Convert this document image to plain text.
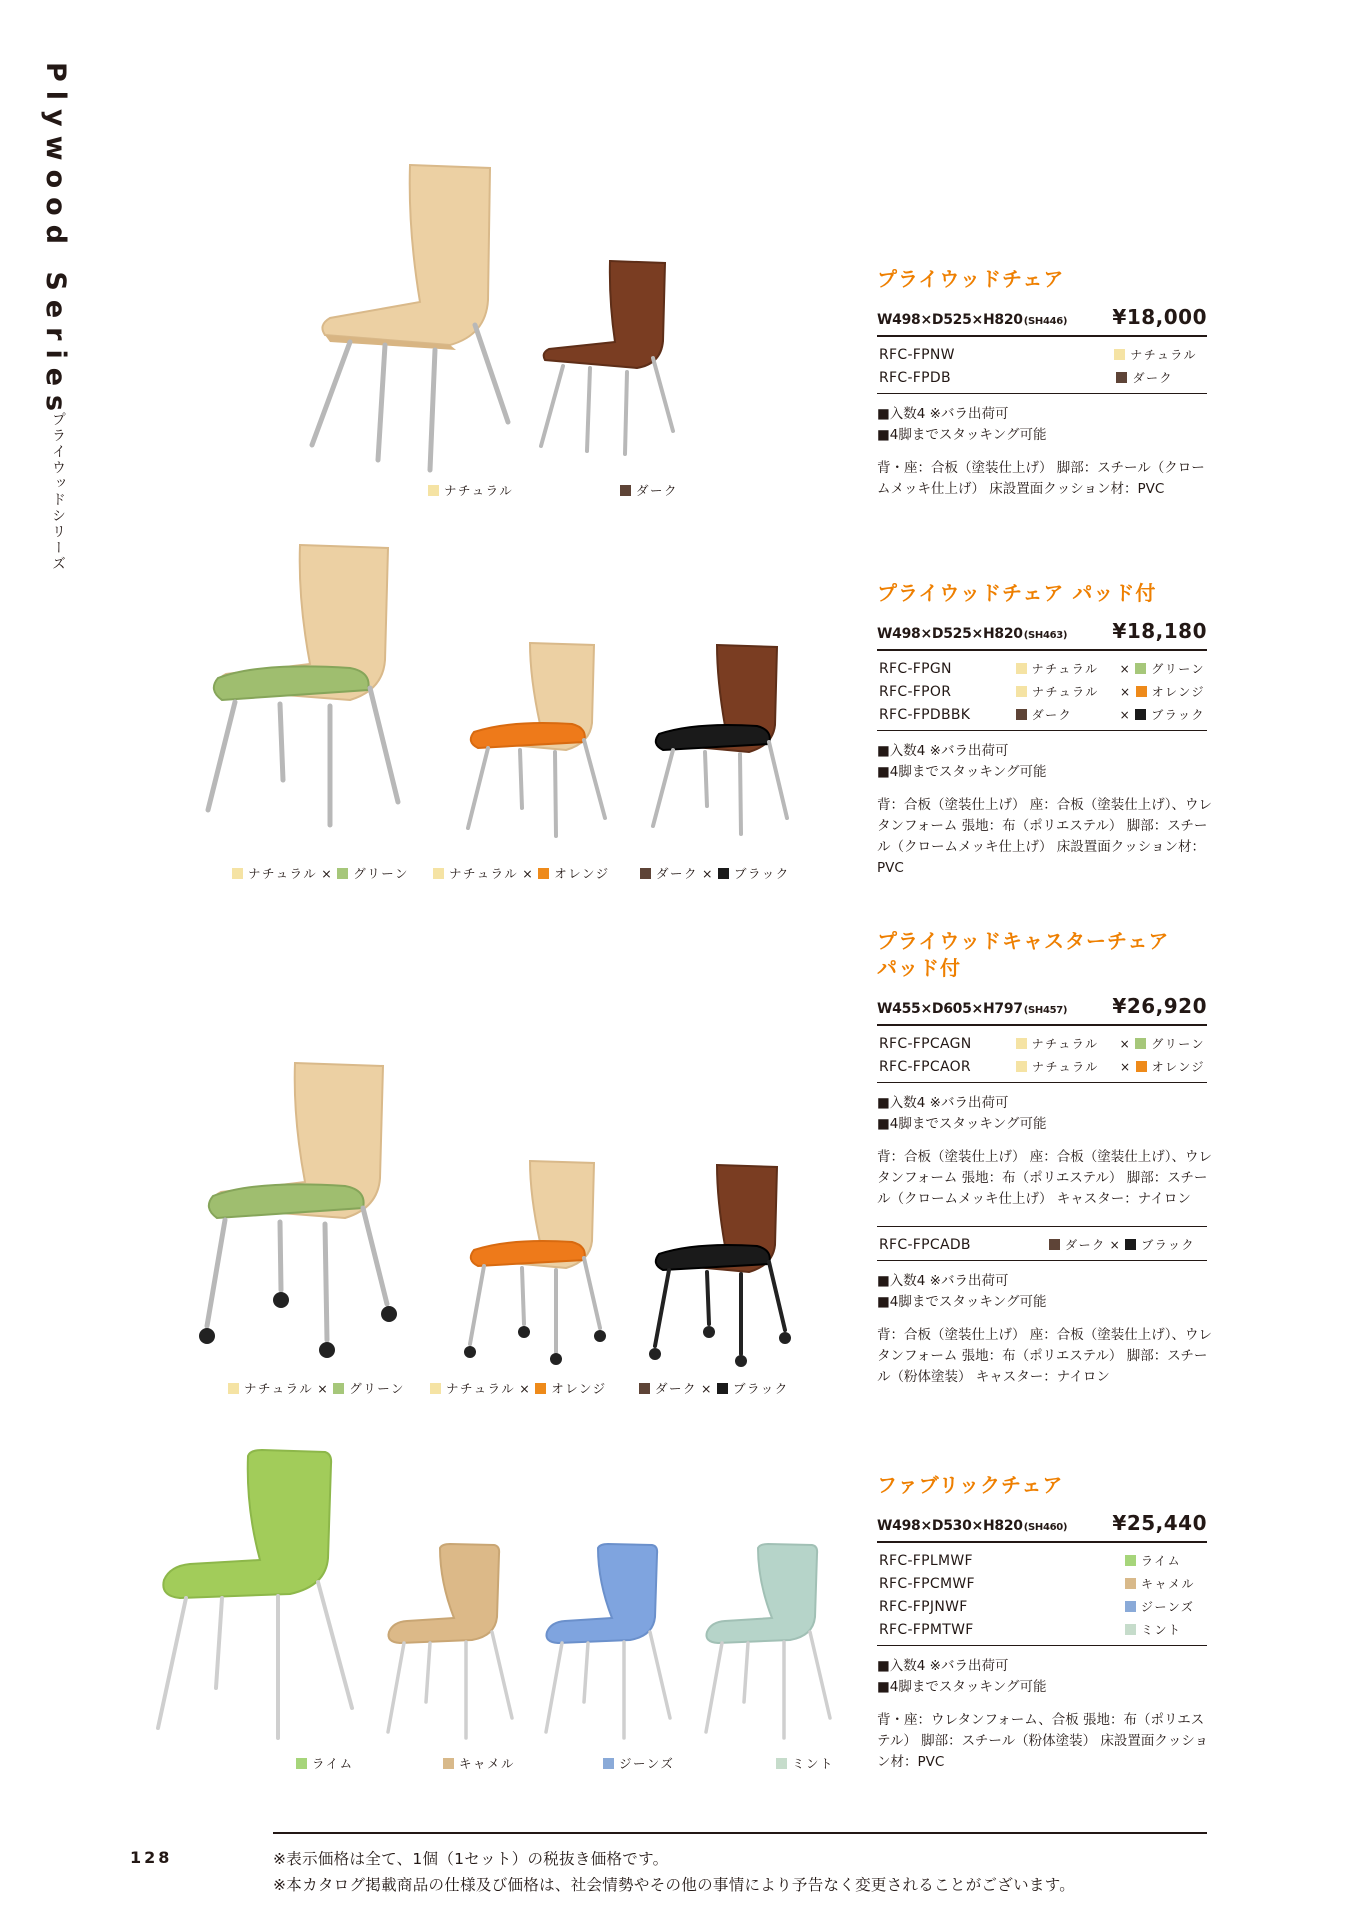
Plywood Series
プライウッドシリーズ	ナチュラル	ダーク
プライウッドチェア
W498×D525×H820(SH446) ¥18,000
RFC-FPNW	ナチュラル
RFC-FPDB	ダーク
■入数4 ※バラ出荷可
■4脚までスタッキング可能
背・座：合板（塗装仕上げ） 脚部：スチール（クロームメッキ仕上げ） 床設置面クッション材：PVC
ナチュラル × グリーン	ナチュラル × オレンジ	ダーク × ブラック
プライウッドチェア パッド付
W498×D525×H820(SH463) ¥18,180
RFC-FPGN	ナチュラル × グリーン
RFC-FPOR	ナチュラル × オレンジ
RFC-FPDBBK	ダーク	× ブラック
■入数4 ※バラ出荷可
■4脚までスタッキング可能
背：合板（塗装仕上げ） 座：合板（塗装仕上げ）、ウレタンフォーム 張地：布（ポリエステル） 脚部：スチール（クロームメッキ仕上げ） 床設置面クッション材：PVC
ナチュラル × グリーン	ナチュラル × オレンジ	ダーク × ブラック
プライウッドキャスターチェア
パッド付
W455×D605×H797(SH457) ¥26,920
RFC-FPCAGN	ナチュラル × グリーン
RFC-FPCAOR	ナチュラル × オレンジ
■入数4 ※バラ出荷可
■4脚までスタッキング可能
背：合板（塗装仕上げ） 座：合板（塗装仕上げ）、ウレタンフォーム 張地：布（ポリエステル） 脚部：スチール（クロームメッキ仕上げ） キャスター：ナイロン
RFC-FPCADB	ダーク × ブラック
■入数4 ※バラ出荷可
■4脚までスタッキング可能
背：合板（塗装仕上げ） 座：合板（塗装仕上げ）、ウレタンフォーム 張地：布（ポリエステル） 脚部：スチール（粉体塗装） キャスター：ナイロン
ライム	キャメル	ジーンズ	ミント
ファブリックチェア
W498×D530×H820(SH460) ¥25,440
RFC-FPLMWF	ライム
RFC-FPCMWF	キャメル
RFC-FPJNWF	ジーンズ
RFC-FPMTWF	ミント
■入数4 ※バラ出荷可
■4脚までスタッキング可能
背・座：ウレタンフォーム、合板 張地：布（ポリエステル） 脚部：スチール（粉体塗装） 床設置面クッション材：PVC
128	※表示価格は全て、1個（1セット）の税抜き価格です。
※本カタログ掲載商品の仕様及び価格は、社会情勢やその他の事情により予告なく変更されることがございます。
